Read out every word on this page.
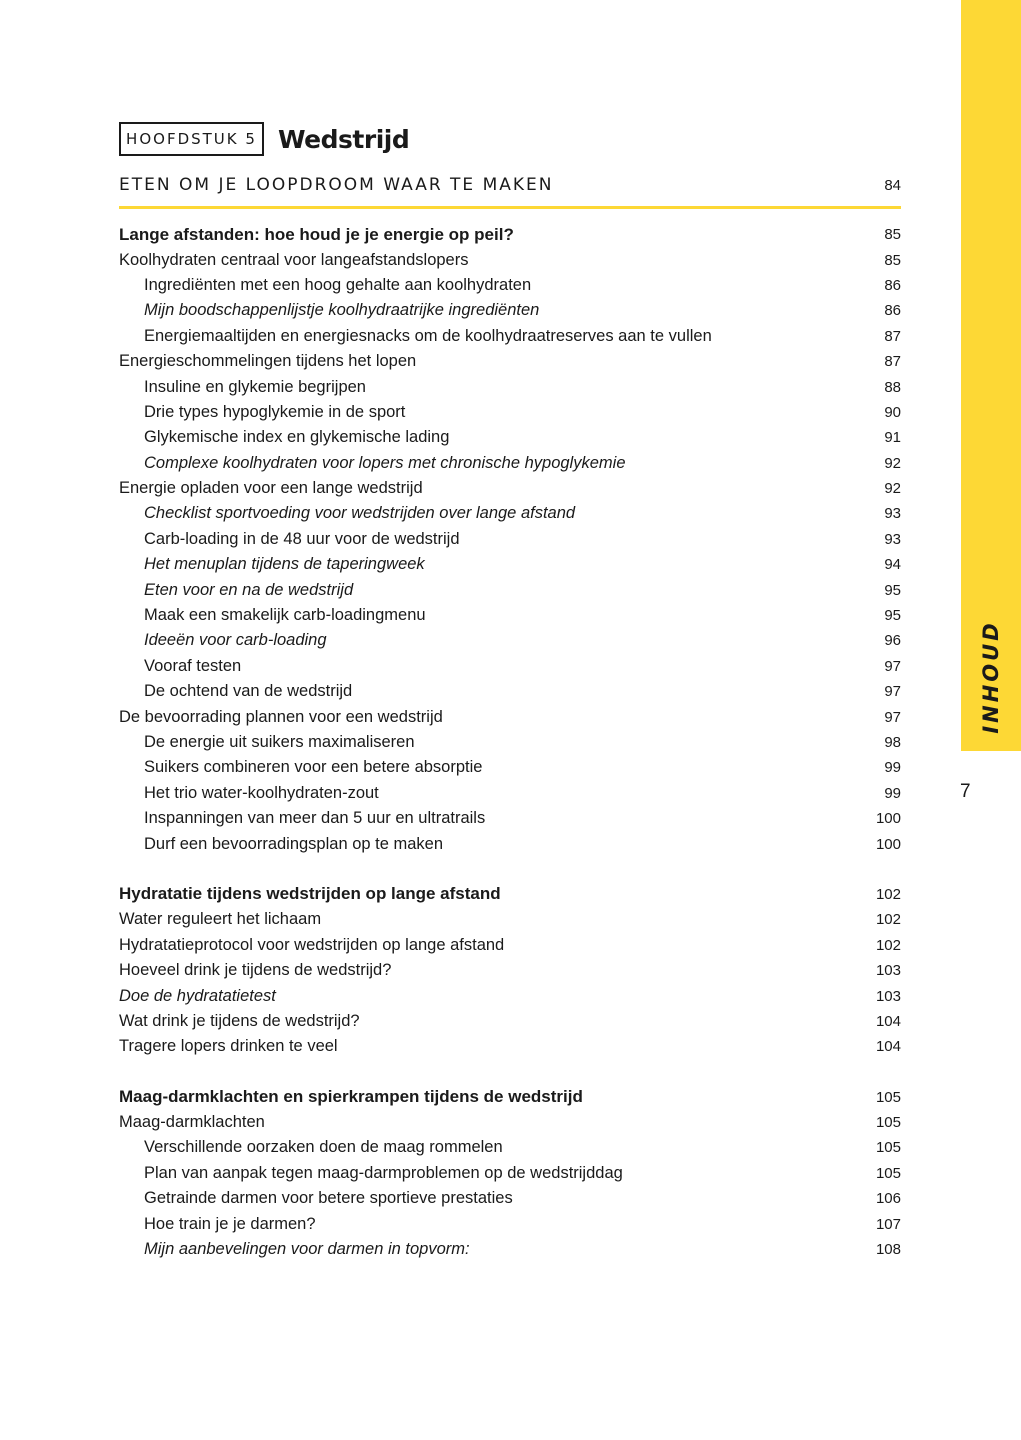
INHOUD
7
HOOFDSTUK 5 Wedstrijd
ETEN OM JE LOOPDROOM WAAR TE MAKEN	84
Lange afstanden: hoe houd je je energie op peil?	85
Koolhydraten centraal voor langeafstandslopers	85
Ingrediënten met een hoog gehalte aan koolhydraten	86
Mijn boodschappenlijstje koolhydraatrijke ingrediënten	86
Energiemaaltijden en energiesnacks om de koolhydraatreserves aan te vullen	87
Energieschommelingen tijdens het lopen	87
Insuline en glykemie begrijpen	88
Drie types hypoglykemie in de sport	90
Glykemische index en glykemische lading	91
Complexe koolhydraten voor lopers met chronische hypoglykemie	92
Energie opladen voor een lange wedstrijd	92
Checklist sportvoeding voor wedstrijden over lange afstand	93
Carb-loading in de 48 uur voor de wedstrijd	93
Het menuplan tijdens de taperingweek	94
Eten voor en na de wedstrijd	95
Maak een smakelijk carb-loadingmenu	95
Ideeën voor carb-loading	96
Vooraf testen	97
De ochtend van de wedstrijd	97
De bevoorrading plannen voor een wedstrijd	97
De energie uit suikers maximaliseren	98
Suikers combineren voor een betere absorptie	99
Het trio water-koolhydraten-zout	99
Inspanningen van meer dan 5 uur en ultratrails	100
Durf een bevoorradingsplan op te maken	100
Hydratatie tijdens wedstrijden op lange afstand	102
Water reguleert het lichaam	102
Hydratatieprotocol voor wedstrijden op lange afstand	102
Hoeveel drink je tijdens de wedstrijd?	103
Doe de hydratatietest	103
Wat drink je tijdens de wedstrijd?	104
Tragere lopers drinken te veel	104
Maag-darmklachten en spierkrampen tijdens de wedstrijd	105
Maag-darmklachten	105
Verschillende oorzaken doen de maag rommelen	105
Plan van aanpak tegen maag-darmproblemen op de wedstrijddag	105
Getrainde darmen voor betere sportieve prestaties	106
Hoe train je je darmen?	107
Mijn aanbevelingen voor darmen in topvorm:	108
